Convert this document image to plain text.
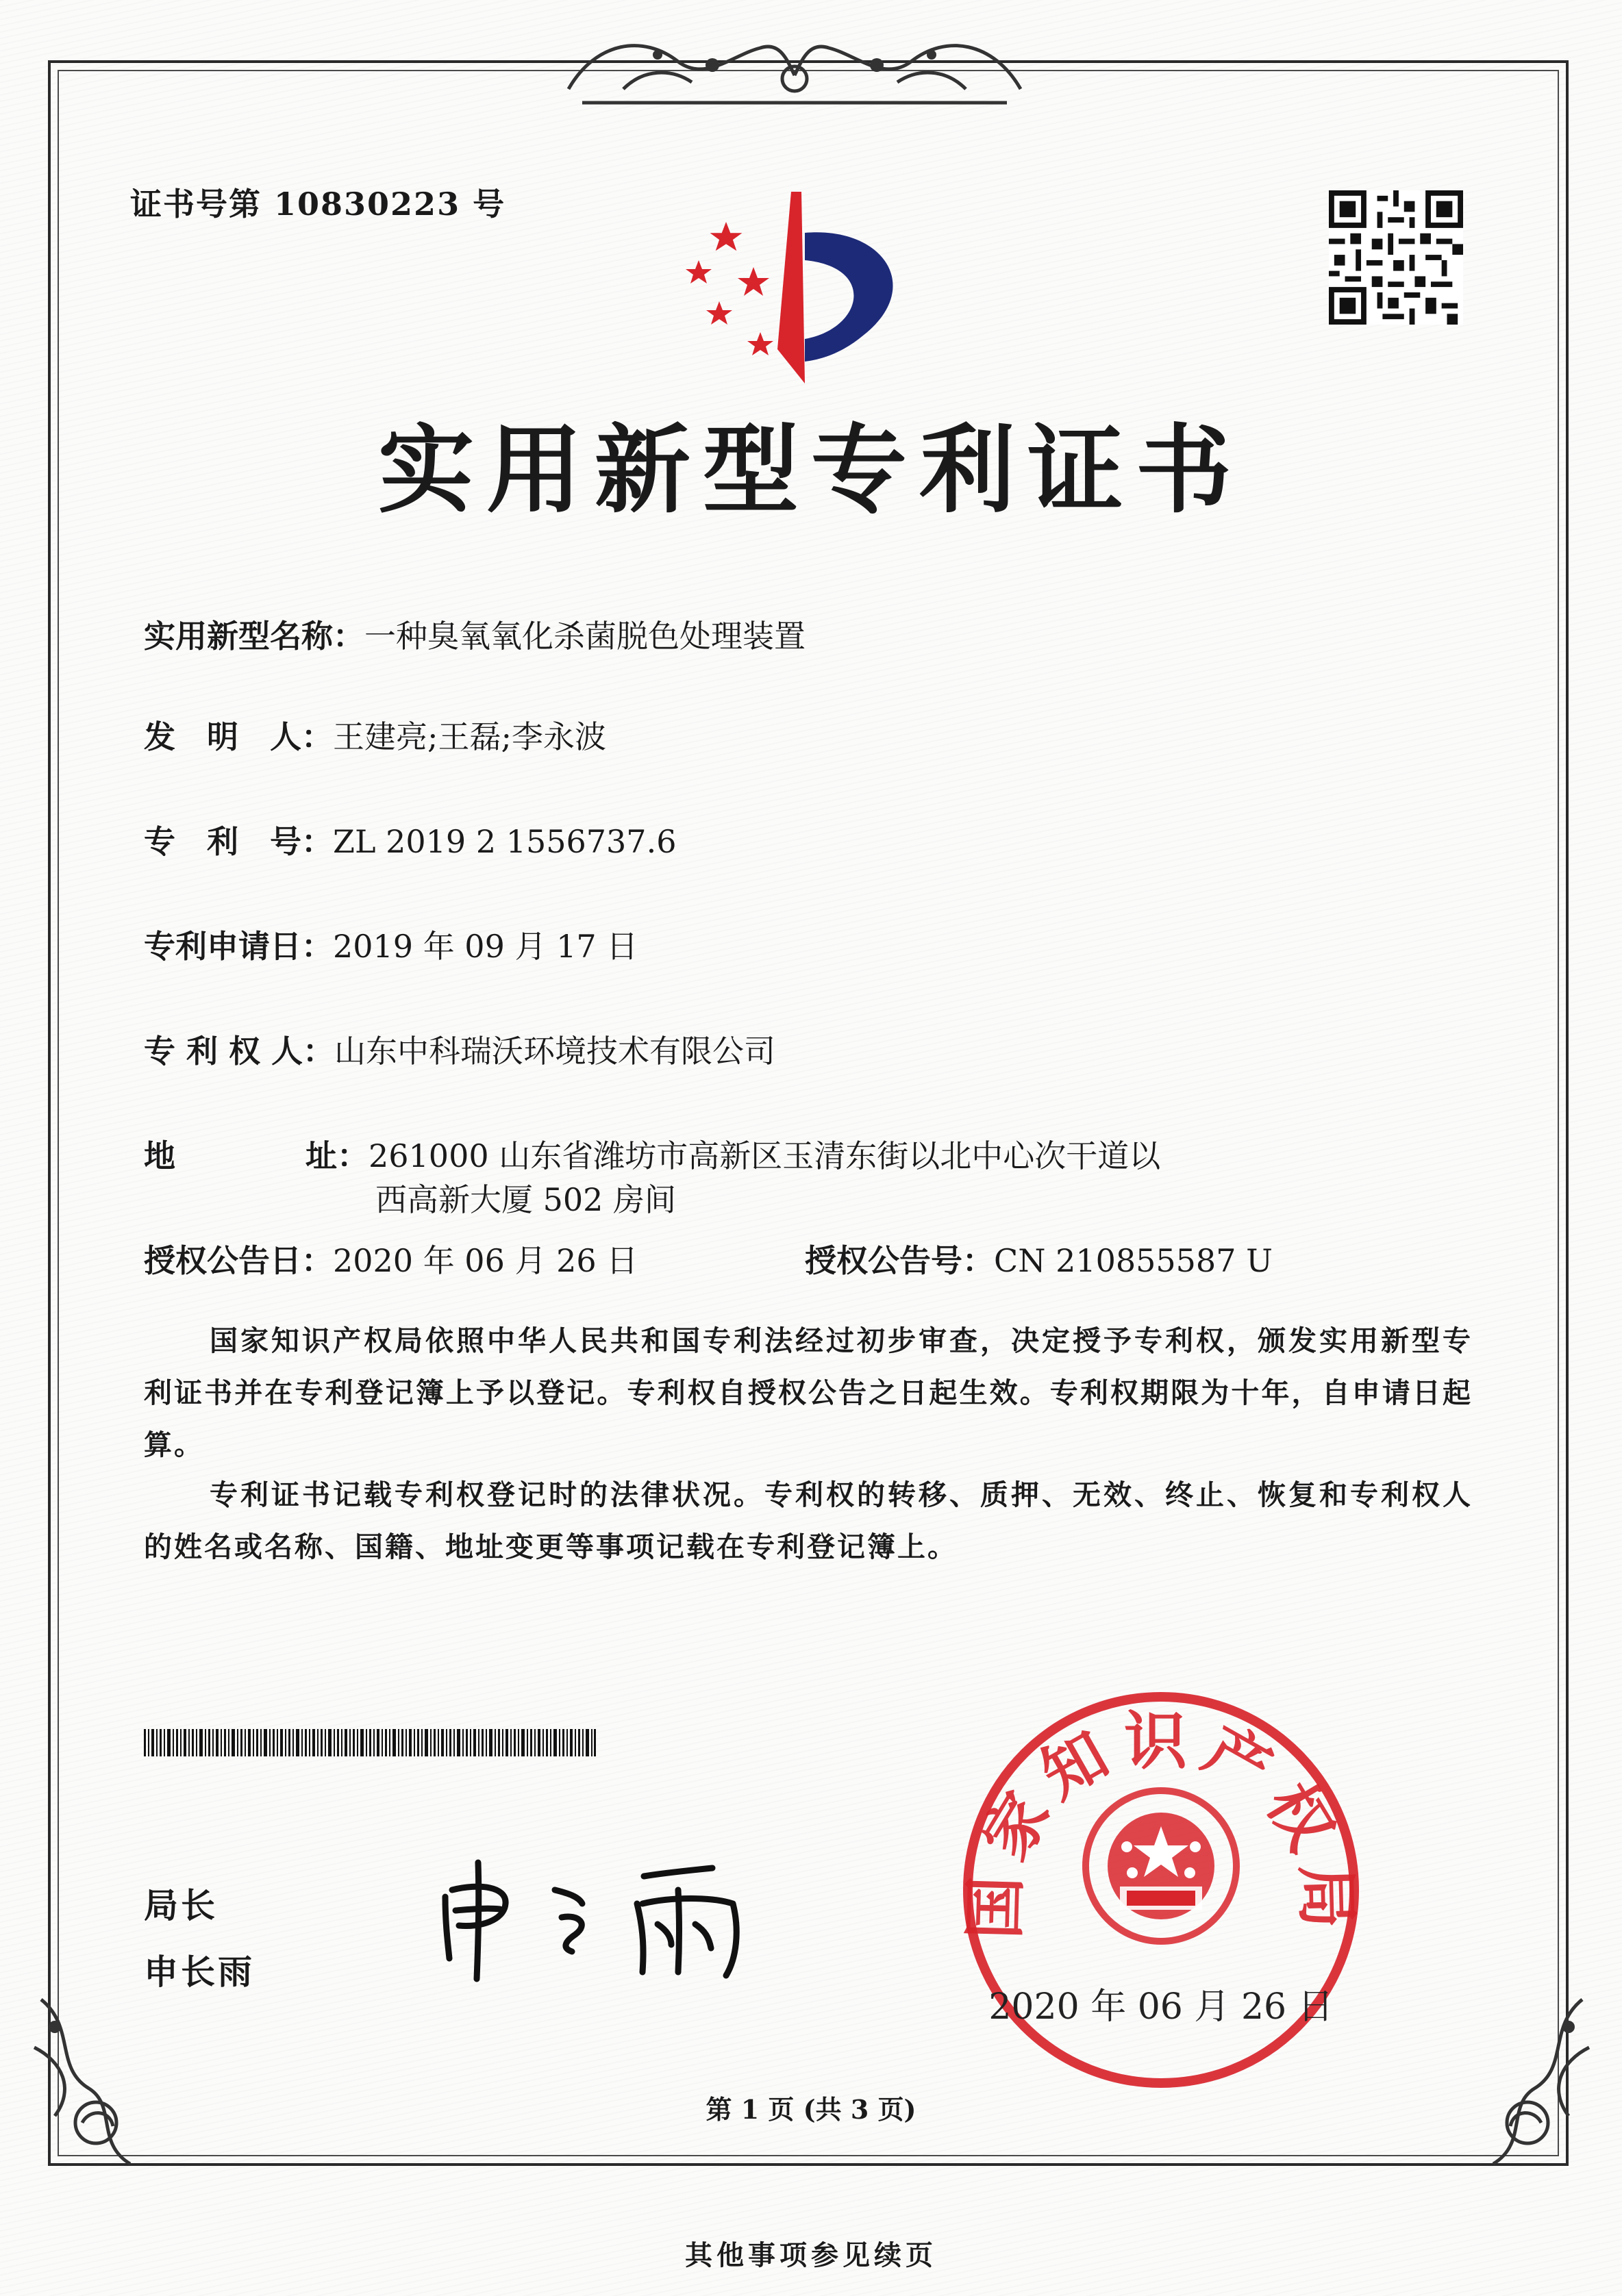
证书号第 10830223 号
实用新型专利证书
实用新型名称：一种臭氧氧化杀菌脱色处理装置
发　明　人：王建亮;王磊;李永波
专　利　号：ZL 2019 2 1556737.6
专利申请日：2019 年 09 月 17 日
专 利 权 人：山东中科瑞沃环境技术有限公司
地	址：261000 山东省潍坊市高新区玉清东街以北中心次干道以
西高新大厦 502 房间
授权公告日：2020 年 06 月 26 日	授权公告号：CN 210855587 U
国家知识产权局依照中华人民共和国专利法经过初步审查，决定授予专利权，颁发实用新型专利证书并在专利登记簿上予以登记。专利权自授权公告之日起生效。专利权期限为十年，自申请日起算。
专利证书记载专利权登记时的法律状况。专利权的转移、质押、无效、终止、恢复和专利权人的姓名或名称、国籍、地址变更等事项记载在专利登记簿上。
局长
申长雨
国家知识产权局
2020 年 06 月 26 日
第 1 页 (共 3 页)
其他事项参见续页
